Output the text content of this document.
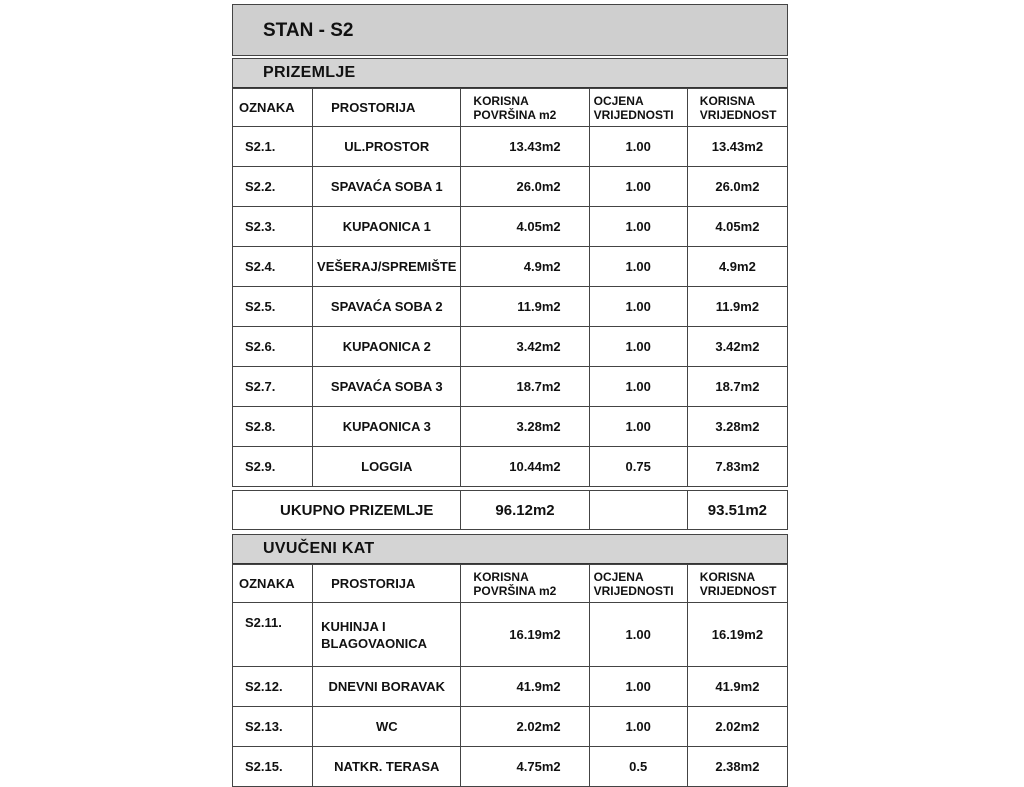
STAN - S2
PRIZEMLJE
OZNAKA	PROSTORIJA	KORISNA POVRŠINA m2	OCJENA VRIJEDNOSTI	KORISNA VRIJEDNOST
S2.1.	UL.PROSTOR	13.43m2	1.00	13.43m2
S2.2.	SPAVAĆA SOBA 1	26.0m2	1.00	26.0m2
S2.3.	KUPAONICA 1	4.05m2	1.00	4.05m2
S2.4.	VEŠERAJ/SPREMIŠTE	4.9m2	1.00	4.9m2
S2.5.	SPAVAĆA SOBA 2	11.9m2	1.00	11.9m2
S2.6.	KUPAONICA 2	3.42m2	1.00	3.42m2
S2.7.	SPAVAĆA SOBA 3	18.7m2	1.00	18.7m2
S2.8.	KUPAONICA 3	3.28m2	1.00	3.28m2
S2.9.	LOGGIA	10.44m2	0.75	7.83m2
UKUPNO PRIZEMLJE	96.12m2		93.51m2
UVUČENI KAT
OZNAKA	PROSTORIJA	KORISNA POVRŠINA m2	OCJENA VRIJEDNOSTI	KORISNA VRIJEDNOST
S2.11.	KUHINJA I BLAGOVAONICA	16.19m2	1.00	16.19m2
S2.12.	DNEVNI BORAVAK	41.9m2	1.00	41.9m2
S2.13.	WC	2.02m2	1.00	2.02m2
S2.15.	NATKR. TERASA	4.75m2	0.5	2.38m2
